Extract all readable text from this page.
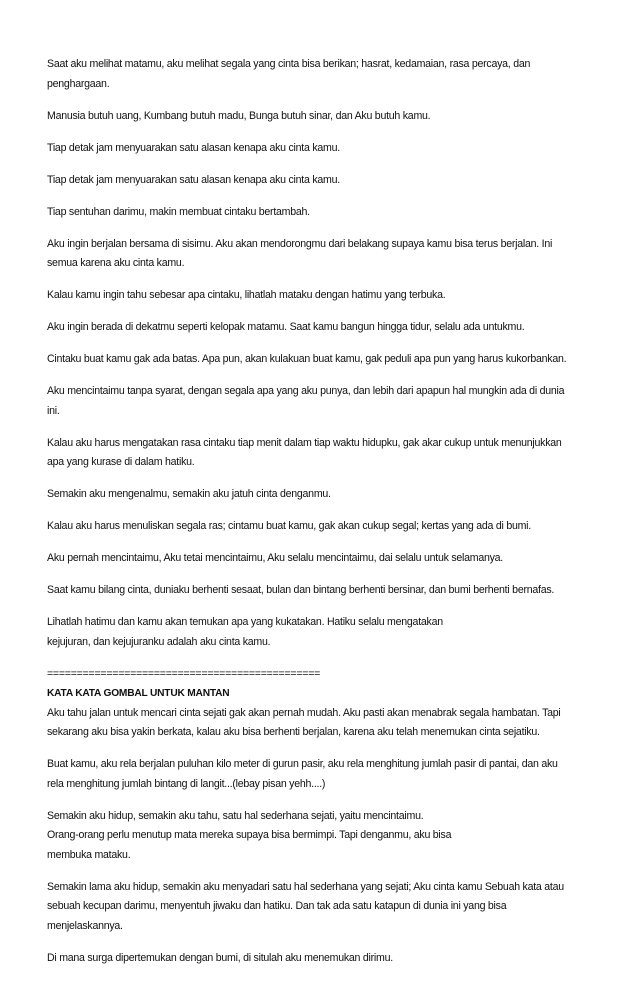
Saat aku melihat matamu, aku melihat segala yang cinta bisa berikan; hasrat, kedamaian, rasa percaya, dan
penghargaan.

Manusia butuh uang, Kumbang butuh madu, Bunga butuh sinar, dan Aku butuh kamu.

Tiap detak jam menyuarakan satu alasan kenapa aku cinta kamu.

Tiap detak jam menyuarakan satu alasan kenapa aku cinta kamu.

Tiap sentuhan darimu, makin membuat cintaku bertambah.

Aku ingin berjalan bersama di sisimu. Aku akan mendorongmu dari belakang supaya kamu bisa terus berjalan. Ini
semua karena aku cinta kamu.

Kalau kamu ingin tahu sebesar apa cintaku, lihatlah mataku dengan hatimu yang terbuka.

Aku ingin berada di dekatmu seperti kelopak matamu. Saat kamu bangun hingga tidur, selalu ada untukmu.

Cintaku buat kamu gak ada batas. Apa pun, akan kulakuan buat kamu, gak peduli apa pun yang harus kukorbankan.

Aku mencintaimu tanpa syarat, dengan segala apa yang aku punya, dan lebih dari apapun hal mungkin ada di dunia
ini.

Kalau aku harus mengatakan rasa cintaku tiap menit dalam tiap waktu hidupku, gak akar cukup untuk menunjukkan
apa yang kurase di dalam hatiku.

Semakin aku mengenalmu, semakin aku jatuh cinta denganmu.

Kalau aku harus menuliskan segala ras; cintamu buat kamu, gak akan cukup segal; kertas yang ada di bumi.

Aku pernah mencintaimu, Aku tetai mencintaimu, Aku selalu mencintaimu, dai selalu untuk selamanya.

Saat kamu bilang cinta, duniaku berhenti sesaat, bulan dan bintang berhenti bersinar, dan bumi berhenti bernafas.

Lihatlah hatimu dan kamu akan temukan apa yang kukatakan. Hatiku selalu mengatakan
kejujuran, dan kejujuranku adalah aku cinta kamu.

==============================================

KATA KATA GOMBAL UNTUK MANTAN

Aku tahu jalan untuk mencari cinta sejati gak akan pernah mudah. Aku pasti akan menabrak segala hambatan. Tapi
sekarang aku bisa yakin berkata, kalau aku bisa berhenti berjalan, karena aku telah menemukan cinta sejatiku.

Buat kamu, aku rela berjalan puluhan kilo meter di gurun pasir, aku rela menghitung jumlah pasir di pantai, dan aku
rela menghitung jumlah bintang di langit...(lebay pisan yehh....)

Semakin aku hidup, semakin aku tahu, satu hal sederhana sejati, yaitu mencintaimu.
Orang-orang perlu menutup mata mereka supaya bisa bermimpi. Tapi denganmu, aku bisa
membuka mataku.

Semakin lama aku hidup, semakin aku menyadari satu hal sederhana yang sejati; Aku cinta kamu Sebuah kata atau
sebuah kecupan darimu, menyentuh jiwaku dan hatiku. Dan tak ada satu katapun di dunia ini yang bisa
menjelaskannya.

Di mana surga dipertemukan dengan bumi, di situlah aku menemukan dirimu.
